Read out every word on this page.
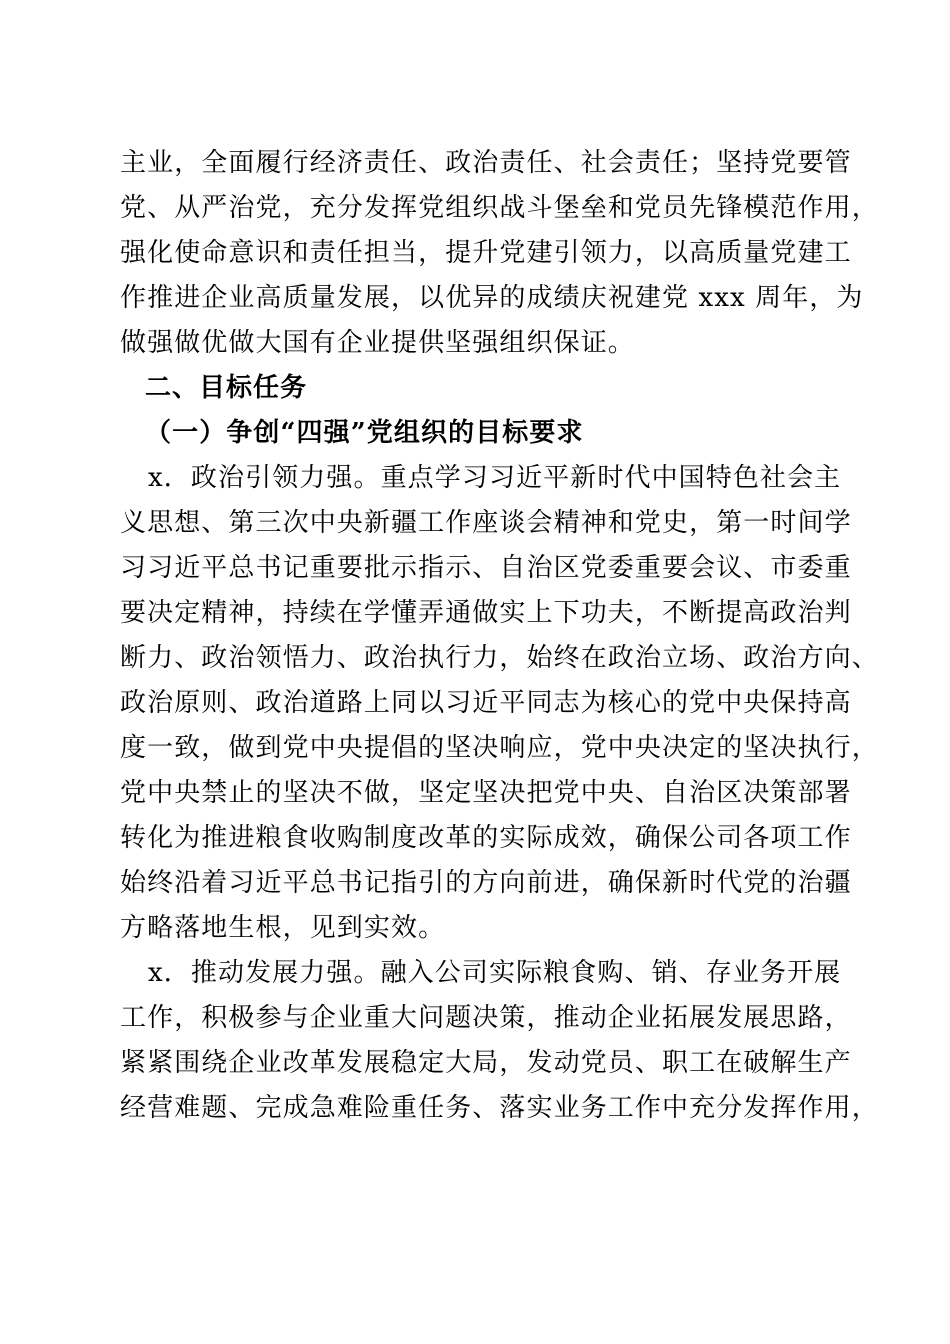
主业，全面履行经济责任、政治责任、社会责任；坚持党要管
党、从严治党，充分发挥党组织战斗堡垒和党员先锋模范作用，
强化使命意识和责任担当，提升党建引领力，以高质量党建工
作推进企业高质量发展，以优异的成绩庆祝建党 xxx 周年，为
做强做优做大国有企业提供坚强组织保证。
二、目标任务
（一）争创“四强”党组织的目标要求
x．政治引领力强。重点学习习近平新时代中国特色社会主
义思想、第三次中央新疆工作座谈会精神和党史，第一时间学
习习近平总书记重要批示指示、自治区党委重要会议、市委重
要决定精神，持续在学懂弄通做实上下功夫，不断提高政治判
断力、政治领悟力、政治执行力，始终在政治立场、政治方向、
政治原则、政治道路上同以习近平同志为核心的党中央保持高
度一致，做到党中央提倡的坚决响应，党中央决定的坚决执行，
党中央禁止的坚决不做，坚定坚决把党中央、自治区决策部署
转化为推进粮食收购制度改革的实际成效，确保公司各项工作
始终沿着习近平总书记指引的方向前进，确保新时代党的治疆
方略落地生根，见到实效。
x．推动发展力强。融入公司实际粮食购、销、存业务开展
工作，积极参与企业重大问题决策，推动企业拓展发展思路，
紧紧围绕企业改革发展稳定大局，发动党员、职工在破解生产
经营难题、完成急难险重任务、落实业务工作中充分发挥作用，
